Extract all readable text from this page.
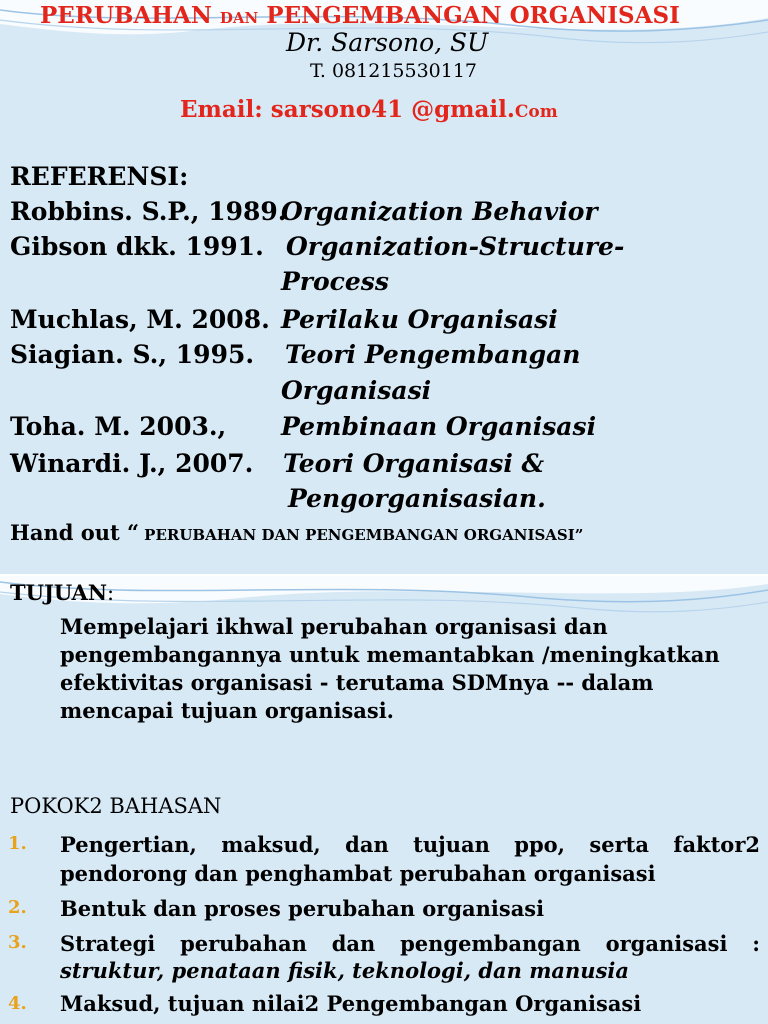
PERUBAHAN DAN PENGEMBANGAN ORGANISASI
Dr. Sarsono, SU
T. 081215530117
Email: sarsono41 @gmail.Com
REFERENSI:
Robbins. S.P., 1989.
Organization Behavior
Gibson dkk. 1991. Organization-Structure-
Process
Muchlas, M. 2008. Perilaku Organisasi
Siagian. S., 1995. Teori Pengembangan
Organisasi
Toha. M. 2003., Pembinaan Organisasi
Winardi. J., 2007. Teori Organisasi &
Pengorganisasian.
Hand out “ PERUBAHAN DAN PENGEMBANGAN ORGANISASI”
TUJUAN:
Mempelajari ikhwal perubahan organisasi dan
pengembangannya untuk memantabkan /meningkatkan
efektivitas organisasi - terutama SDMnya -- dalam
mencapai tujuan organisasi.
POKOK2 BAHASAN
1. Pengertian, maksud, dan tujuan ppo, serta faktor2
pendorong dan penghambat perubahan organisasi
2. Bentuk dan proses perubahan organisasi
3. Strategi perubahan dan pengembangan organisasi :
struktur, penataan fisik, teknologi, dan manusia
4. Maksud, tujuan nilai2 Pengembangan Organisasi
